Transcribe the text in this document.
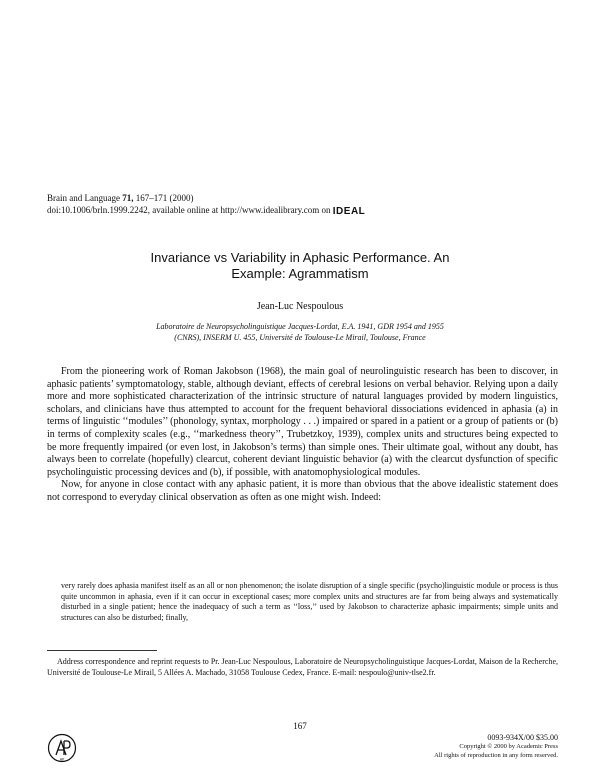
Brain and Language 71, 167–171 (2000)
doi:10.1006/brln.1999.2242, available online at http://www.idealibrary.com on IDEAL
Invariance vs Variability in Aphasic Performance. An
Example: Agrammatism
Jean-Luc Nespoulous
Laboratoire de Neuropsycholinguistique Jacques-Lordat, E.A. 1941, GDR 1954 and 1955
(CNRS), INSERM U. 455, Université de Toulouse-Le Mirail, Toulouse, France

From the pioneering work of Roman Jakobson (1968), the main goal of neurolinguistic research has been to discover, in aphasic patients’ symptomatology, stable, although deviant, effects of cerebral lesions on verbal behavior. Relying upon a daily more and more sophisticated characterization of the intrinsic structure of natural languages provided by modern linguistics, scholars, and clinicians have thus attempted to account for the frequent behavioral dissociations evidenced in aphasia (a) in terms of linguistic ‘‘modules’’ (phonology, syntax, morphology . . .) impaired or spared in a patient or a group of patients or (b) in terms of complexity scales (e.g., ‘‘markedness theory’’, Trubetzkoy, 1939), complex units and structures being expected to be more frequently impaired (or even lost, in Jakobson’s terms) than simple ones. Their ultimate goal, without any doubt, has always been to correlate (hopefully) clearcut, coherent deviant linguistic behavior (a) with the clearcut dysfunction of specific psycholinguistic processing devices and (b), if possible, with anatomophysiological modules.

Now, for anyone in close contact with any aphasic patient, it is more than obvious that the above idealistic statement does not correspond to everyday clinical observation as often as one might wish. Indeed:

very rarely does aphasia manifest itself as an all or non phenomenon; the isolate disruption of a single specific (psycho)linguistic module or process is thus quite uncommon in aphasia, even if it can occur in exceptional cases; more complex units and structures are far from being always and systematically disturbed in a single patient; hence the inadequacy of such a term as ‘‘loss,’’ used by Jakobson to characterize aphasic impairments; simple units and structures can also be disturbed; finally,

Address correspondence and reprint requests to Pr. Jean-Luc Nespoulous, Laboratoire de Neuropsycholinguistique Jacques-Lordat, Maison de la Recherche, Université de Toulouse-Le Mirail, 5 Allées A. Machado, 31058 Toulouse Cedex, France. E-mail: nespoulo@univ-tlse2.fr.

167
AP
0093-934X/00 $35.00
Copyright © 2000 by Academic Press
All rights of reproduction in any form reserved.
